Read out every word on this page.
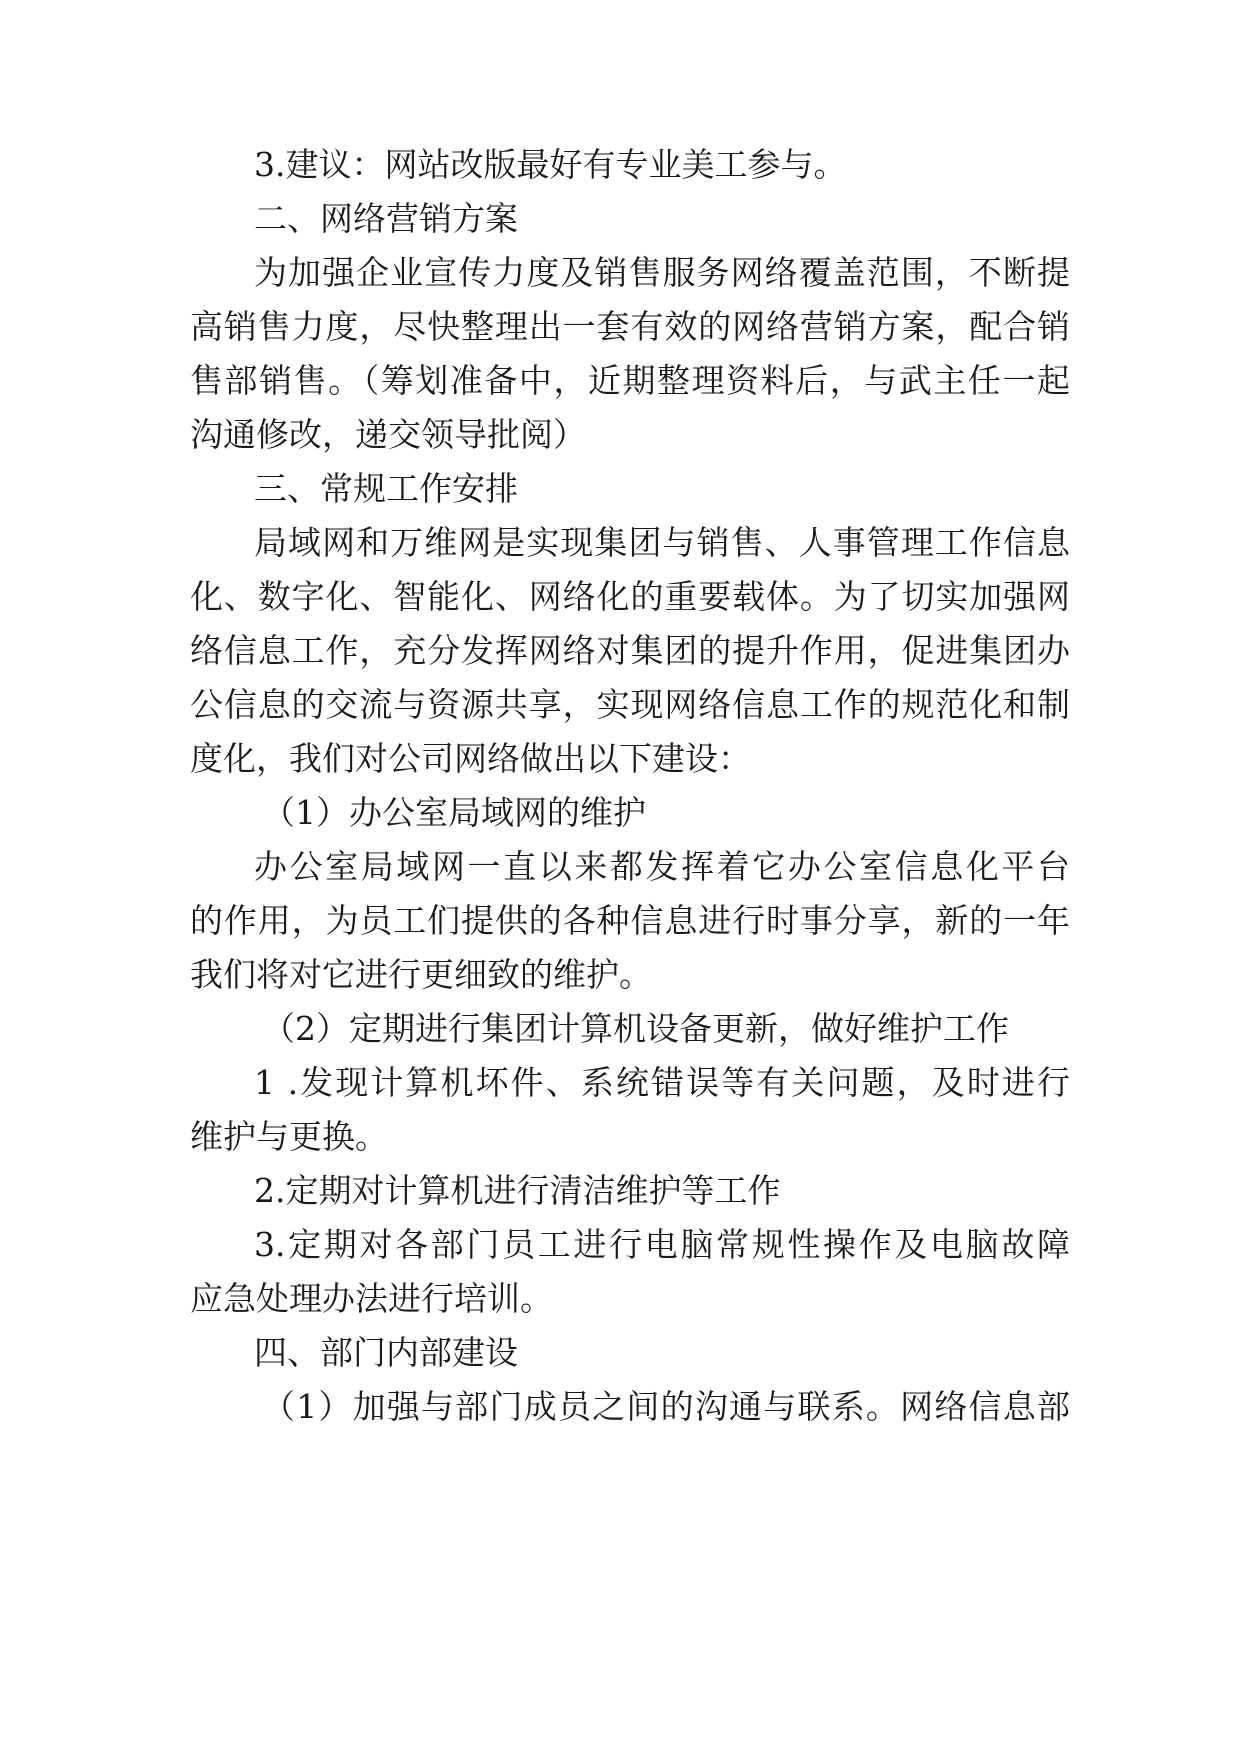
3.建议：网站改版最好有专业美工参与。
二、网络营销方案
为加强企业宣传力度及销售服务网络覆盖范围，不断提
高销售力度，尽快整理出一套有效的网络营销方案，配合销
售部销售。（筹划准备中，近期整理资料后，与武主任一起
沟通修改，递交领导批阅）
三、常规工作安排
局域网和万维网是实现集团与销售、人事管理工作信息
化、数字化、智能化、网络化的重要载体。为了切实加强网
络信息工作，充分发挥网络对集团的提升作用，促进集团办
公信息的交流与资源共享，实现网络信息工作的规范化和制
度化，我们对公司网络做出以下建设：
（1）办公室局域网的维护
办公室局域网一直以来都发挥着它办公室信息化平台
的作用，为员工们提供的各种信息进行时事分享，新的一年
我们将对它进行更细致的维护。
（2）定期进行集团计算机设备更新，做好维护工作
1 .发现计算机坏件、系统错误等有关问题，及时进行
维护与更换。
2.定期对计算机进行清洁维护等工作
3.定期对各部门员工进行电脑常规性操作及电脑故障
应急处理办法进行培训。
四、部门内部建设
（1）加强与部门成员之间的沟通与联系。网络信息部
